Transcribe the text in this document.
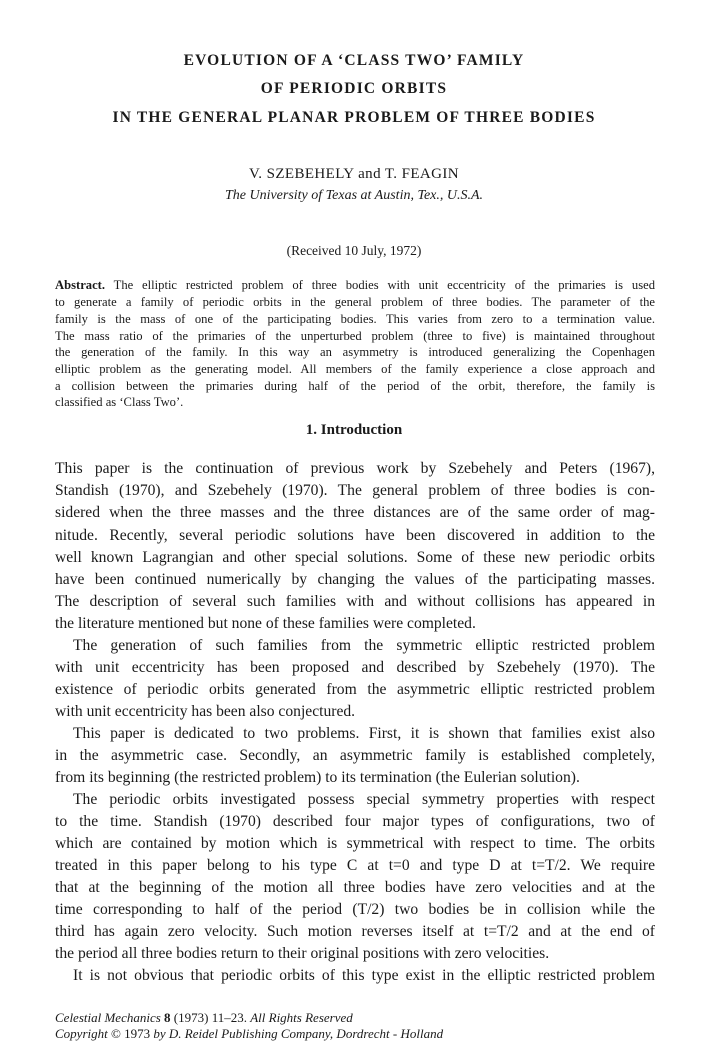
EVOLUTION OF A ‘CLASS TWO’ FAMILY
OF PERIODIC ORBITS
IN THE GENERAL PLANAR PROBLEM OF THREE BODIES
V. SZEBEHELY and T. FEAGIN
The University of Texas at Austin, Tex., U.S.A.
(Received 10 July, 1972)
Abstract. The elliptic restricted problem of three bodies with unit eccentricity of the primaries is used
to generate a family of periodic orbits in the general problem of three bodies. The parameter of the
family is the mass of one of the participating bodies. This varies from zero to a termination value.
The mass ratio of the primaries of the unperturbed problem (three to five) is maintained throughout
the generation of the family. In this way an asymmetry is introduced generalizing the Copenhagen
elliptic problem as the generating model. All members of the family experience a close approach and
a collision between the primaries during half of the period of the orbit, therefore, the family is
classified as ‘Class Two’.
1. Introduction
This paper is the continuation of previous work by Szebehely and Peters (1967),
Standish (1970), and Szebehely (1970). The general problem of three bodies is con-
sidered when the three masses and the three distances are of the same order of mag-
nitude. Recently, several periodic solutions have been discovered in addition to the
well known Lagrangian and other special solutions. Some of these new periodic orbits
have been continued numerically by changing the values of the participating masses.
The description of several such families with and without collisions has appeared in
the literature mentioned but none of these families were completed.
The generation of such families from the symmetric elliptic restricted problem
with unit eccentricity has been proposed and described by Szebehely (1970). The
existence of periodic orbits generated from the asymmetric elliptic restricted problem
with unit eccentricity has been also conjectured.
This paper is dedicated to two problems. First, it is shown that families exist also
in the asymmetric case. Secondly, an asymmetric family is established completely,
from its beginning (the restricted problem) to its termination (the Eulerian solution).
The periodic orbits investigated possess special symmetry properties with respect
to the time. Standish (1970) described four major types of configurations, two of
which are contained by motion which is symmetrical with respect to time. The orbits
treated in this paper belong to his type C at t=0 and type D at t=T/2. We require
that at the beginning of the motion all three bodies have zero velocities and at the
time corresponding to half of the period (T/2) two bodies be in collision while the
third has again zero velocity. Such motion reverses itself at t=T/2 and at the end of
the period all three bodies return to their original positions with zero velocities.
It is not obvious that periodic orbits of this type exist in the elliptic restricted problem
Celestial Mechanics 8 (1973) 11–23. All Rights Reserved
Copyright © 1973 by D. Reidel Publishing Company, Dordrecht - Holland
